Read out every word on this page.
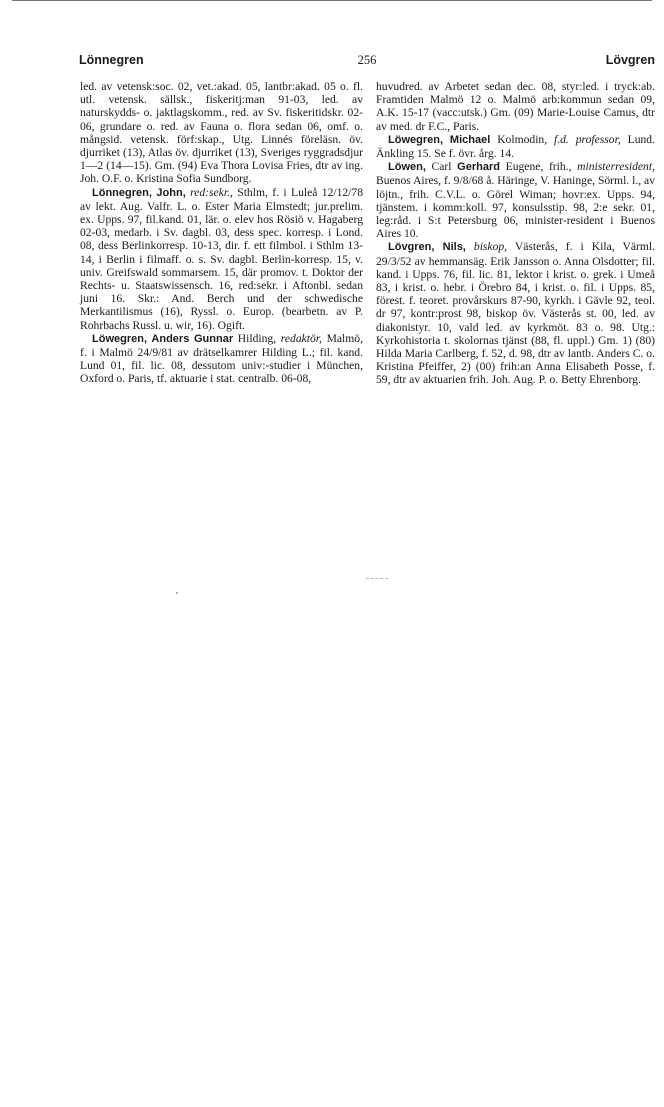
256
Lönnegren	Lövgren

led. av vetensk:soc. 02, vet.:akad. 05, lantbr:akad. 05 o. fl. utl. vetensk. sällsk., fiskeritj:man 91-03, led. av naturskydds- o. jaktlagskomm., red. av Sv. fiskeritidskr. 02-06, grundare o. red. av Fauna o. flora sedan 06, omf. o. mångsid. vetensk. förf:skap., Utg. Linnés föreläsn. öv. djurriket (13), Atlas öv. djurriket (13), Sveriges ryggradsdjur 1—2 (14—15). Gm. (94) Eva Thora Lovisa Fries, dtr av ing. Joh. O.F. o. Kristina Sofia Sundborg.

Lönnegren, John, red:sekr., Sthlm, f. i Luleå 12/12/78 av lekt. Aug. Valfr. L. o. Ester Maria Elmstedt; jur.prelim. ex. Upps. 97, fil.kand. 01, lär. o. elev hos Rösiö v. Hagaberg 02-03, medarb. i Sv. dagbl. 03, dess spec. korresp. i Lond. 08, dess Berlinkorresp. 10-13, dir. f. ett filmbol. i Sthlm 13-14, i Berlin i filmaff. o. s. Sv. dagbl. Berlin-korresp. 15, v. univ. Greifswald sommarsem. 15, där promov. t. Doktor der Rechts- u. Staatswissensch. 16, red:sekr. i Aftonbl. sedan juni 16. Skr.: And. Berch und der schwedische Merkantilismus (16), Ryssl. o. Europ. (bearbetn. av P. Rohrbachs Russl. u. wir, 16). Ogift.

Löwegren, Anders Gunnar Hilding, redaktör, Malmö, f. i Malmö 24/9/81 av drätselkamrer Hilding L.; fil. kand. Lund 01, fil. lic. 08, dessutom univ:-studier i München, Oxford o. Paris, tf. aktuarie i stat. centralb. 06-08,

huvudred. av Arbetet sedan dec. 08, styr:led. i tryck:ab. Framtiden Malmö 12 o. Malmö arb:kommun sedan 09, A.K. 15-17 (vacc:utsk.) Gm. (09) Marie-Louise Camus, dtr av med. dr F.C., Paris.

Löwegren, Michael Kolmodin, f.d. professor, Lund. Änkling 15. Se f. övr. årg. 14.

Löwen, Carl Gerhard Eugene, frih., ministerresident, Buenos Aires, f. 9/8/68 å. Häringe, V. Haninge, Sörml. l., av löjtn., frih. C.V.L. o. Görel Wiman; hovr:ex. Upps. 94, tjänstem. i komm:koll. 97, konsulsstip. 98, 2:e sekr. 01, leg:råd. i S:t Petersburg 06, minister-resident i Buenos Aires 10.

Lövgren, Nils, biskop, Västerås, f. i Kila, Värml. 29/3/52 av hemmansäg. Erik Jansson o. Anna Olsdotter; fil. kand. i Upps. 76, fil. lic. 81, lektor i krist. o. grek. i Umeå 83, i krist. o. hebr. i Örebro 84, i krist. o. fil. i Upps. 85, förest. f. teoret. provårskurs 87-90, kyrkh. i Gävle 92, teol. dr 97, kontr:prost 98, biskop öv. Västerås st. 00, led. av diakonistyr. 10, vald led. av kyrkmöt. 83 o. 98. Utg.: Kyrkohistoria t. skolornas tjänst (88, fl. uppl.) Gm. 1) (80) Hilda Maria Carlberg, f. 52, d. 98, dtr av lantb. Anders C. o. Kristina Pfeiffer, 2) (00) frih:an Anna Elisabeth Posse, f. 59, dtr av aktuarien frih. Joh. Aug. P. o. Betty Ehrenborg.
